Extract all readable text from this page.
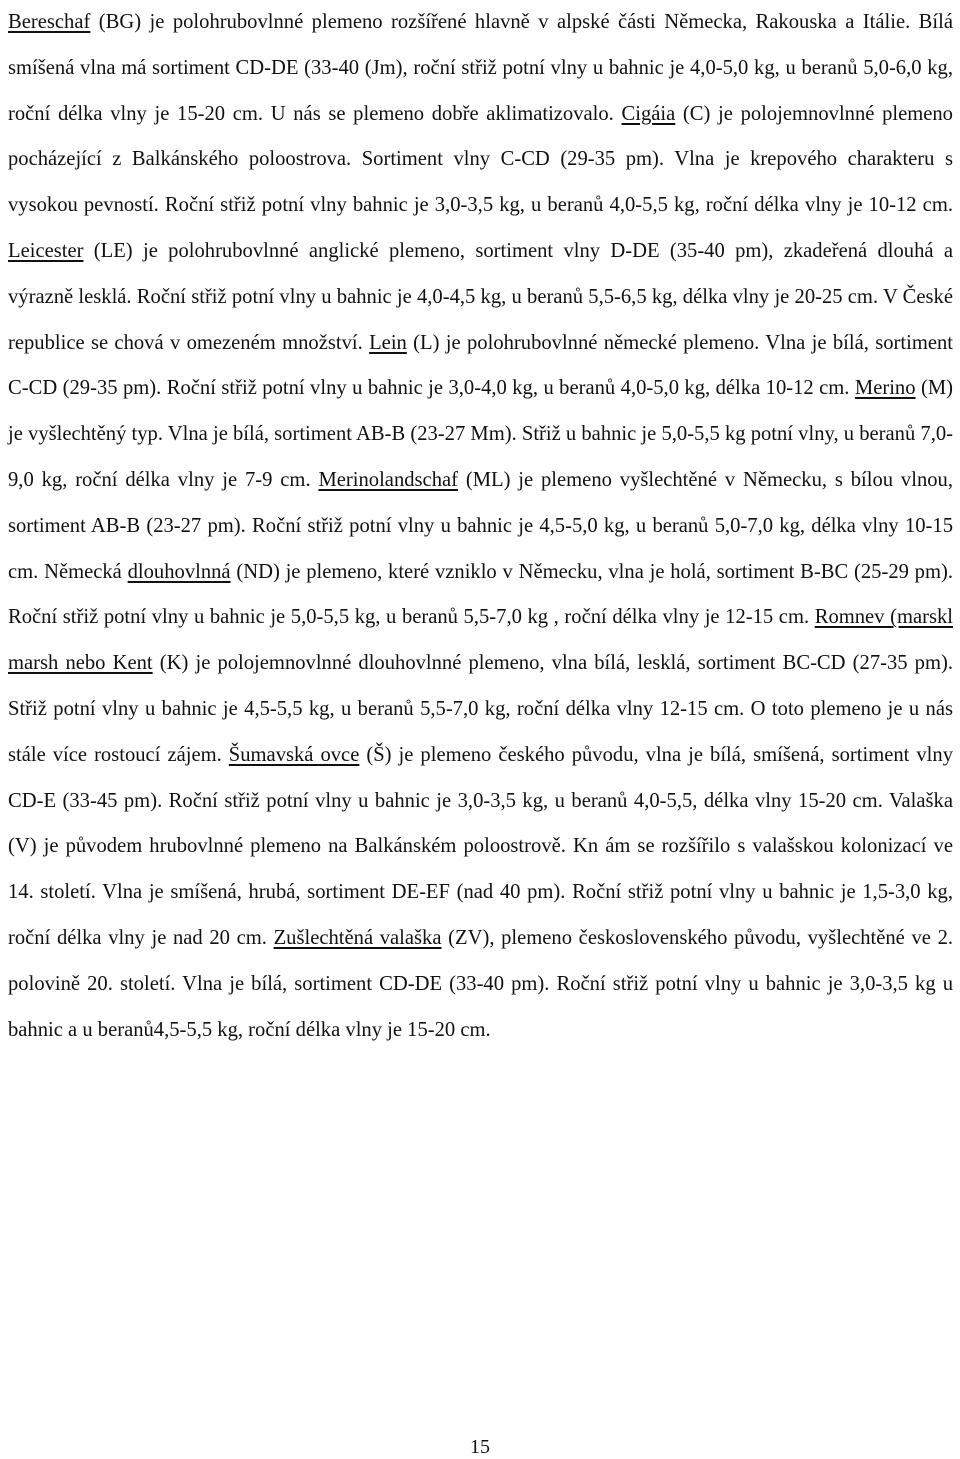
Bereschaf (BG) je polohrubovlnné plemeno rozšířené hlavně v alpské části Německa, Rakouska a Itálie. Bílá smíšená vlna má sortiment CD-DE (33-40 (Jm), roční střiž potní vlny u bahnic je 4,0-5,0 kg, u beranů 5,0-6,0 kg, roční délka vlny je 15-20 cm. U nás se plemeno dobře aklimatizovalo. Cigáia (C) je polojemnovlnné plemeno pocházející z Balkánského poloostrova. Sortiment vlny C-CD (29-35 pm). Vlna je krepového charakteru s vysokou pevností. Roční střiž potní vlny bahnic je 3,0-3,5 kg, u beranů 4,0-5,5 kg, roční délka vlny je 10-12 cm. Leicester (LE) je polohrubovlnné anglické plemeno, sortiment vlny D-DE (35-40 pm), zkadeřená dlouhá a výrazně lesklá. Roční střiž potní vlny u bahnic je 4,0-4,5 kg, u beranů 5,5-6,5 kg, délka vlny je 20-25 cm. V České republice se chová v omezeném množství. Lein (L) je polohrubovlnné německé plemeno. Vlna je bílá, sortiment C-CD (29-35 pm). Roční střiž potní vlny u bahnic je 3,0-4,0 kg, u beranů 4,0-5,0 kg, délka 10-12 cm. Merino (M) je vyšlechtěný typ. Vlna je bílá, sortiment AB-B (23-27 Mm). Střiž u bahnic je 5,0-5,5 kg potní vlny, u beranů 7,0-9,0 kg, roční délka vlny je 7-9 cm. Merinolandschaf (ML) je plemeno vyšlechtěné v Německu, s bílou vlnou, sortiment AB-B (23-27 pm). Roční střiž potní vlny u bahnic je 4,5-5,0 kg, u beranů 5,0-7,0 kg, délka vlny 10-15 cm. Německá dlouhovlnná (ND) je plemeno, které vzniklo v Německu, vlna je holá, sortiment B-BC (25-29 pm). Roční střiž potní vlny u bahnic je 5,0-5,5 kg, u beranů 5,5-7,0 kg , roční délka vlny je 12-15 cm. Romnev (marskl marsh nebo Kent (K) je polojemnovlnné dlouhovlnné plemeno, vlna bílá, lesklá, sortiment BC-CD (27-35 pm). Střiž potní vlny u bahnic je 4,5-5,5 kg, u beranů 5,5-7,0 kg, roční délka vlny 12-15 cm. O toto plemeno je u nás stále více rostoucí zájem. Šumavská ovce (Š) je plemeno českého původu, vlna je bílá, smíšená, sortiment vlny CD-E (33-45 pm). Roční střiž potní vlny u bahnic je 3,0-3,5 kg, u beranů 4,0-5,5, délka vlny 15-20 cm. Valaška (V) je původem hrubovlnné plemeno na Balkánském poloostrově. Kn ám se rozšířilo s valašskou kolonizací ve 14. století. Vlna je smíšená, hrubá, sortiment DE-EF (nad 40 pm). Roční střiž potní vlny u bahnic je 1,5-3,0 kg, roční délka vlny je nad 20 cm. Zušlechtěná valaška (ZV), plemeno československého původu, vyšlechtěné ve 2. polovině 20. století. Vlna je bílá, sortiment CD-DE (33-40 pm). Roční střiž potní vlny u bahnic je 3,0-3,5 kg u bahnic a u beranů4,5-5,5 kg, roční délka vlny je 15-20 cm.

15
